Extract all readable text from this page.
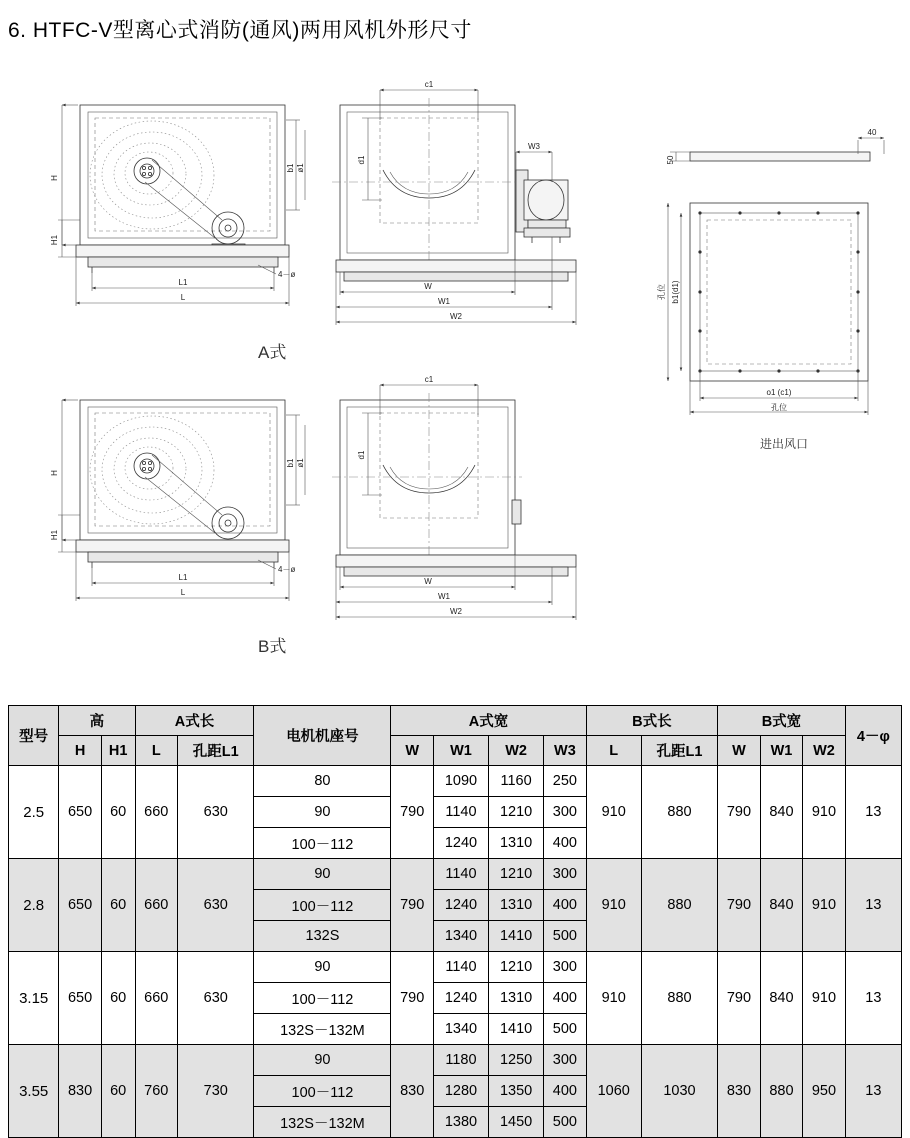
6. HTFC-V型离心式消防(通风)两用风机外形尺寸
H
H1
b1 ø1
4－ø
L1
L
c1
d1
W3
W
W1
W2
40
50
孔位 b1(d1)
o1 (c1)
孔位
H
H1
b1 ø1
4－ø
L1
L
c1
d1
W
W1
W2
A式
B式
进出风口
型号	高		A式长		电机机座号	A式宽				B式长		B式宽			4－φ
	H	H1	L	孔距L1		W	W1	W2	W3	L	孔距L1	W	W1	W2	
2.5	650	60	660	630	80	790	1090	1160	250	910	880	790	840	910	13
					90		1140	1210	300						
					100－112		1240	1310	400						
2.8	650	60	660	630	90	790	1140	1210	300	910	880	790	840	910	13
					100－112		1240	1310	400						
					132S		1340	1410	500						
3.15	650	60	660	630	90	790	1140	1210	300	910	880	790	840	910	13
					100－112		1240	1310	400						
					132S－132M		1340	1410	500						
3.55	830	60	760	730	90	830	1180	1250	300	1060	1030	830	880	950	13
					100－112		1280	1350	400						
					132S－132M		1380	1450	500						
